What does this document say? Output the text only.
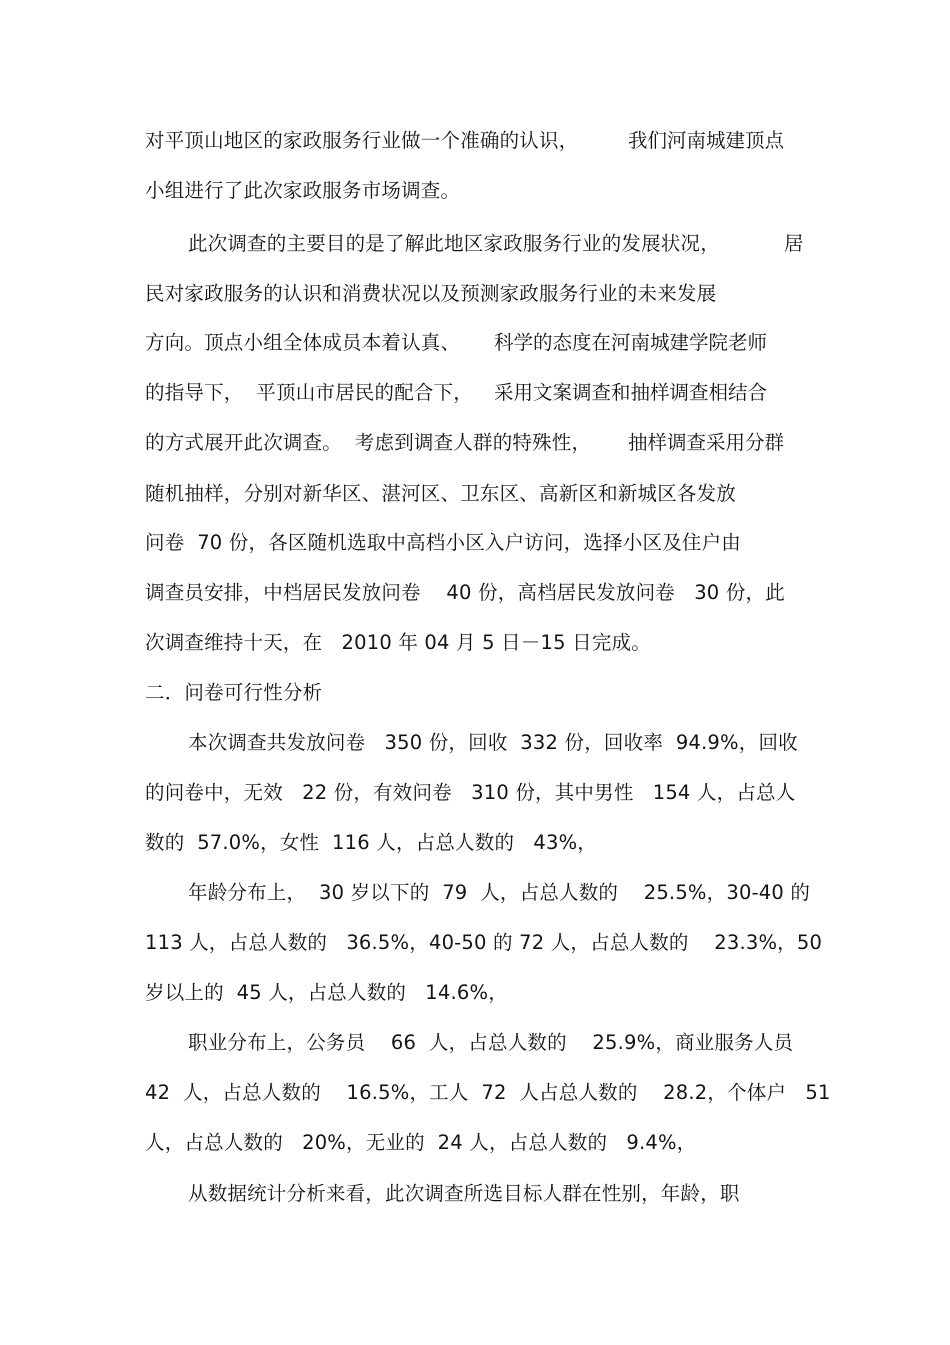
对平顶山地区的家政服务行业做一个准确的认识，	我们河南城建顶点
小组进行了此次家政服务市场调查。
此次调查的主要目的是了解此地区家政服务行业的发展状况，	居
民对家政服务的认识和消费状况以及预测家政服务行业的未来发展
方向。顶点小组全体成员本着认真、 科学的态度在河南城建学院老师
的指导下，  平顶山市居民的配合下， 采用文案调查和抽样调查相结合
的方式展开此次调查。  考虑到调查人群的特殊性， 抽样调查采用分群
随机抽样，分别对新华区、湛河区、卫东区、高新区和新城区各发放
问卷  70 份，各区随机选取中高档小区入户访问，选择小区及住户由
调查员安排，中档居民发放问卷    40 份，高档居民发放问卷   30 份，此
次调查维持十天，在   2010 年 04 月 5 日－15 日完成。
二．问卷可行性分析
本次调查共发放问卷   350 份，回收  332 份，回收率  94.9%，回收
的问卷中，无效   22 份，有效问卷   310 份，其中男性   154 人，占总人
数的  57.0%，女性  116 人，占总人数的   43%，
年龄分布上，  30 岁以下的  79  人，占总人数的    25.5%，30-40 的
113 人，占总人数的   36.5%，40-50 的 72 人，占总人数的    23.3%，50
岁以上的  45 人，占总人数的   14.6%，
职业分布上，公务员    66  人，占总人数的    25.9%，商业服务人员
42  人，占总人数的    16.5%，工人  72  人占总人数的    28.2，个体户   51
人，占总人数的   20%，无业的  24 人，占总人数的   9.4%，
从数据统计分析来看，此次调查所选目标人群在性别，年龄，职
